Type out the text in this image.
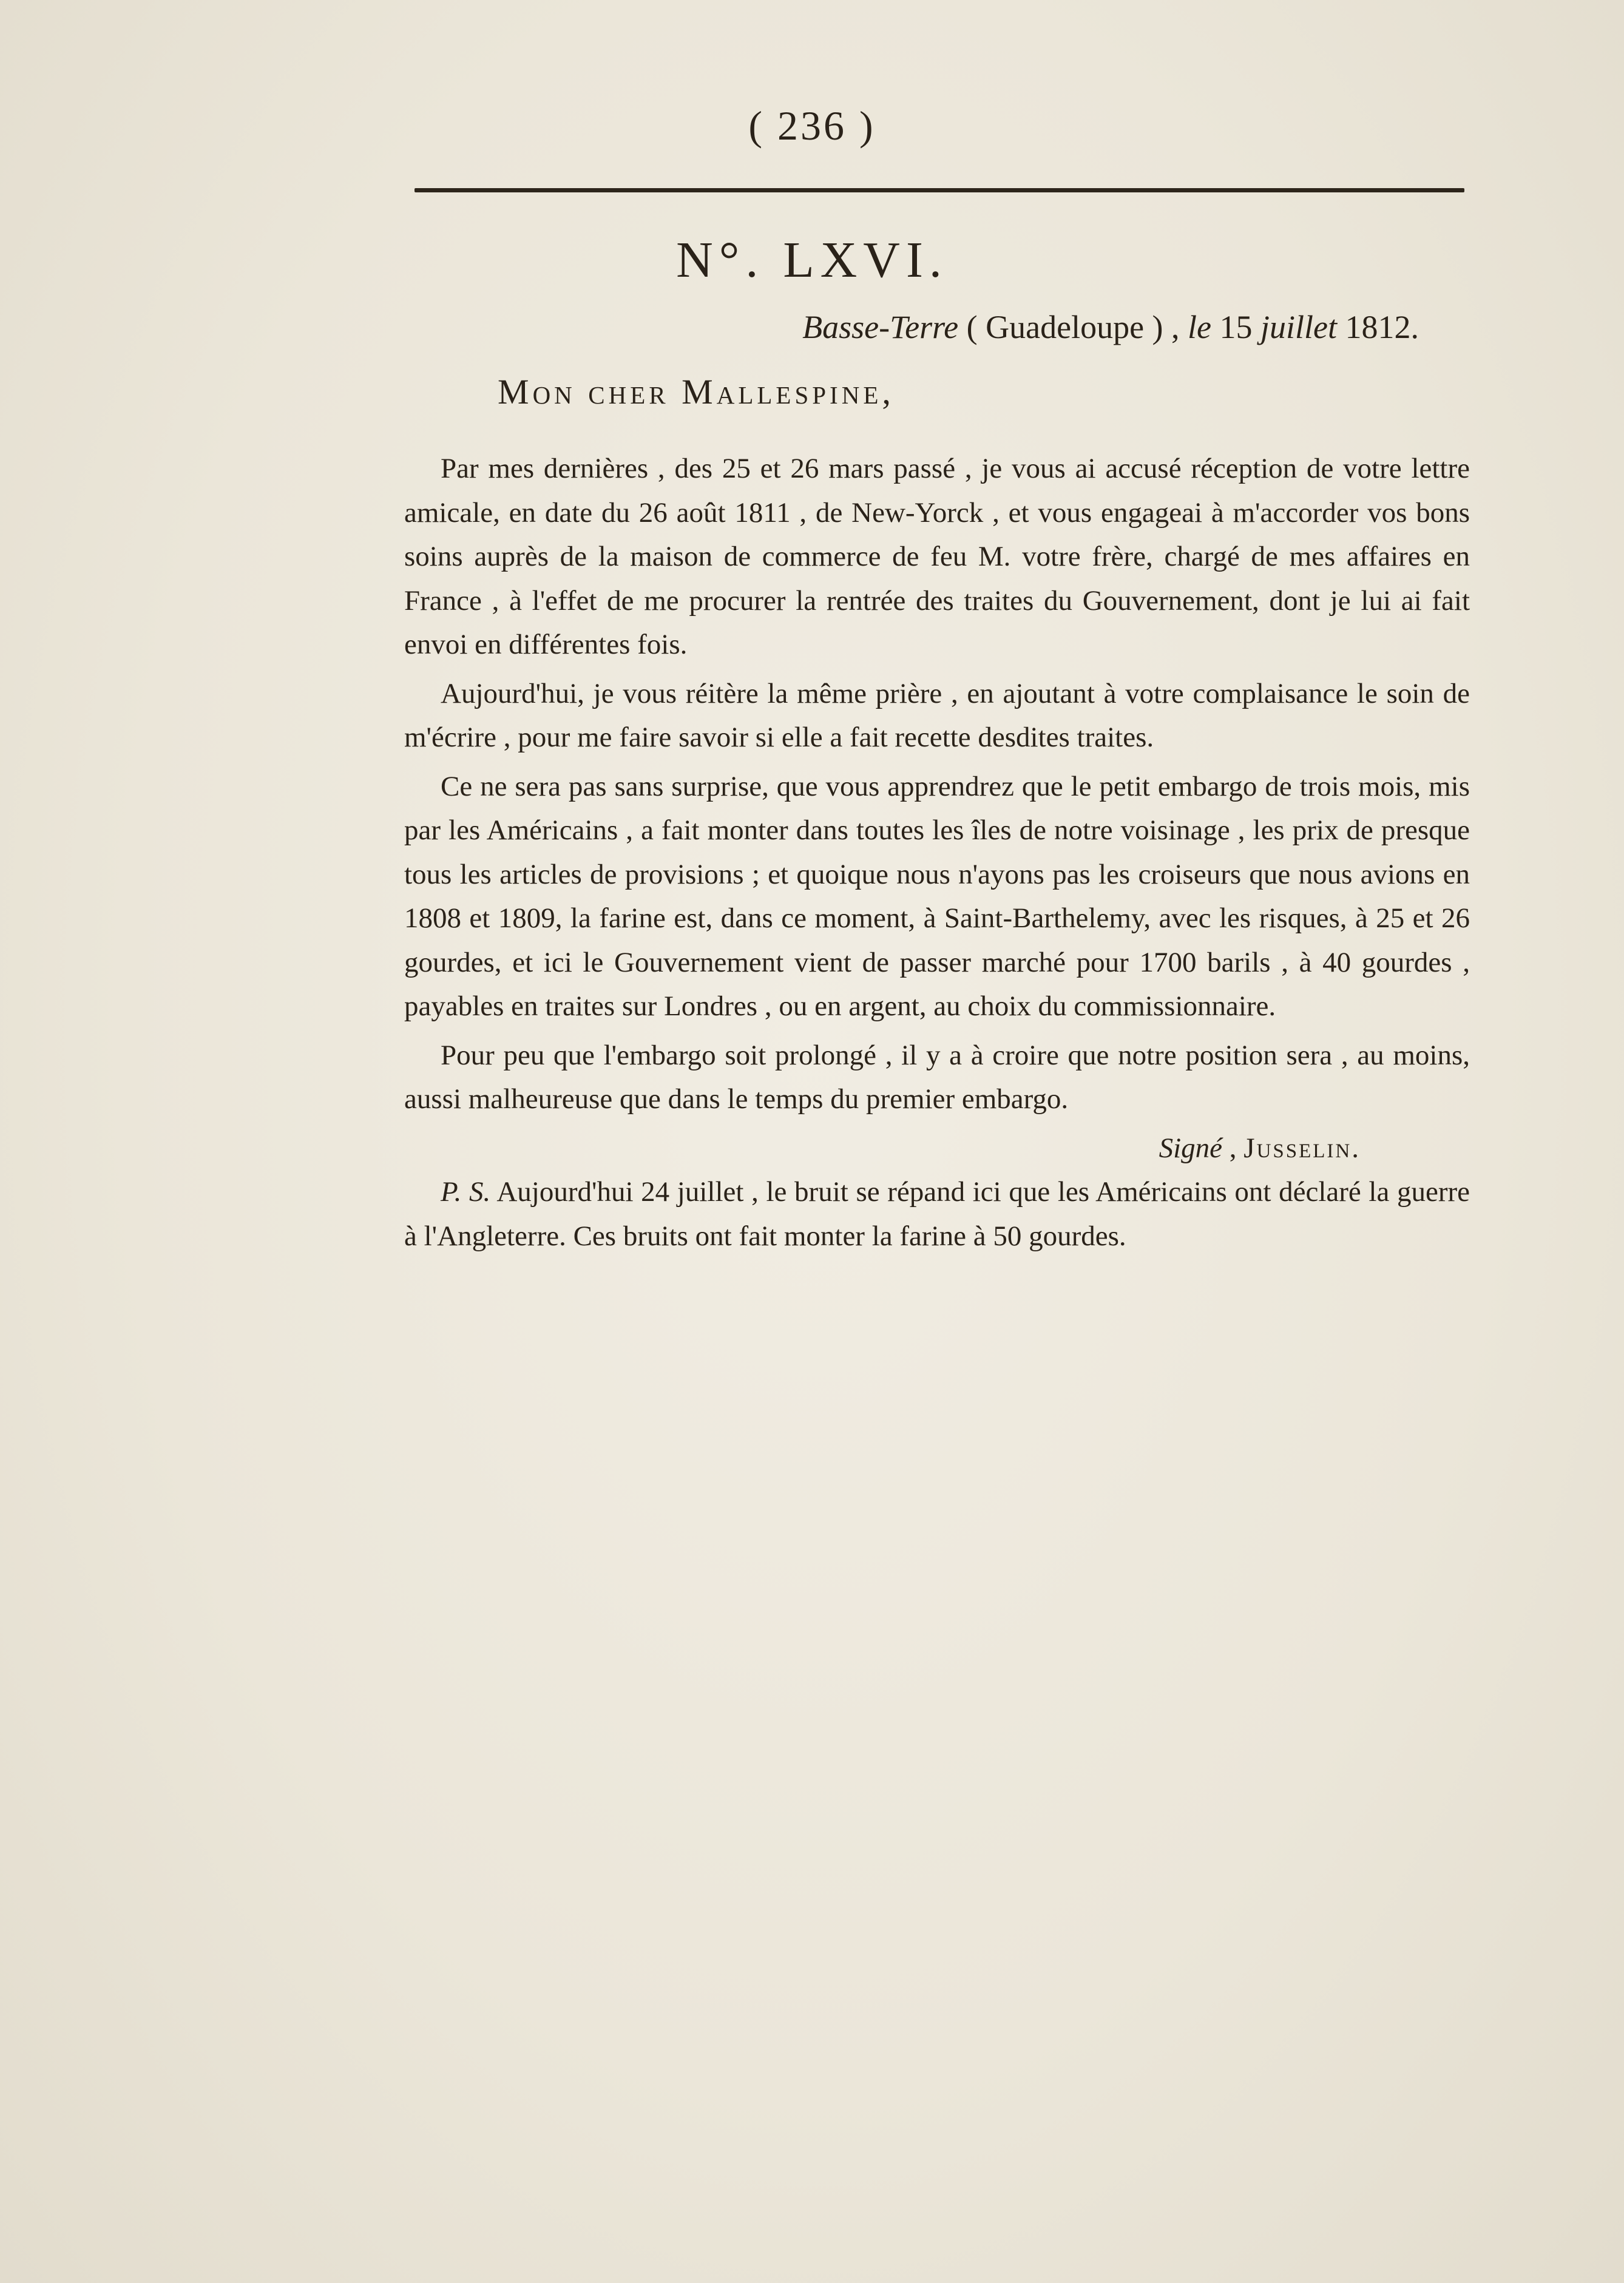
( 236 )
N°. LXVI.
Basse-Terre ( Guadeloupe ) , le 15 juillet 1812.
Mon cher Mallespine,

Par mes dernières , des 25 et 26 mars passé , je vous ai accusé réception de votre lettre amicale, en date du 26 août 1811 , de New-Yorck , et vous engageai à m'accorder vos bons soins auprès de la maison de commerce de feu M. votre frère, chargé de mes affaires en France , à l'effet de me procurer la rentrée des traites du Gouvernement, dont je lui ai fait envoi en différentes fois.

Aujourd'hui, je vous réitère la même prière , en ajoutant à votre complaisance le soin de m'écrire , pour me faire savoir si elle a fait recette desdites traites.

Ce ne sera pas sans surprise, que vous apprendrez que le petit embargo de trois mois, mis par les Américains , a fait monter dans toutes les îles de notre voisinage , les prix de presque tous les articles de provisions ; et quoique nous n'ayons pas les croiseurs que nous avions en 1808 et 1809, la farine est, dans ce moment, à Saint-Barthelemy, avec les risques, à 25 et 26 gourdes, et ici le Gouvernement vient de passer marché pour 1700 barils , à 40 gourdes , payables en traites sur Londres , ou en argent, au choix du commissionnaire.

Pour peu que l'embargo soit prolongé , il y a à croire que notre position sera , au moins, aussi malheureuse que dans le temps du premier embargo.

Signé , Jusselin.

P. S. Aujourd'hui 24 juillet , le bruit se répand ici que les Américains ont déclaré la guerre à l'Angleterre. Ces bruits ont fait monter la farine à 50 gourdes.
